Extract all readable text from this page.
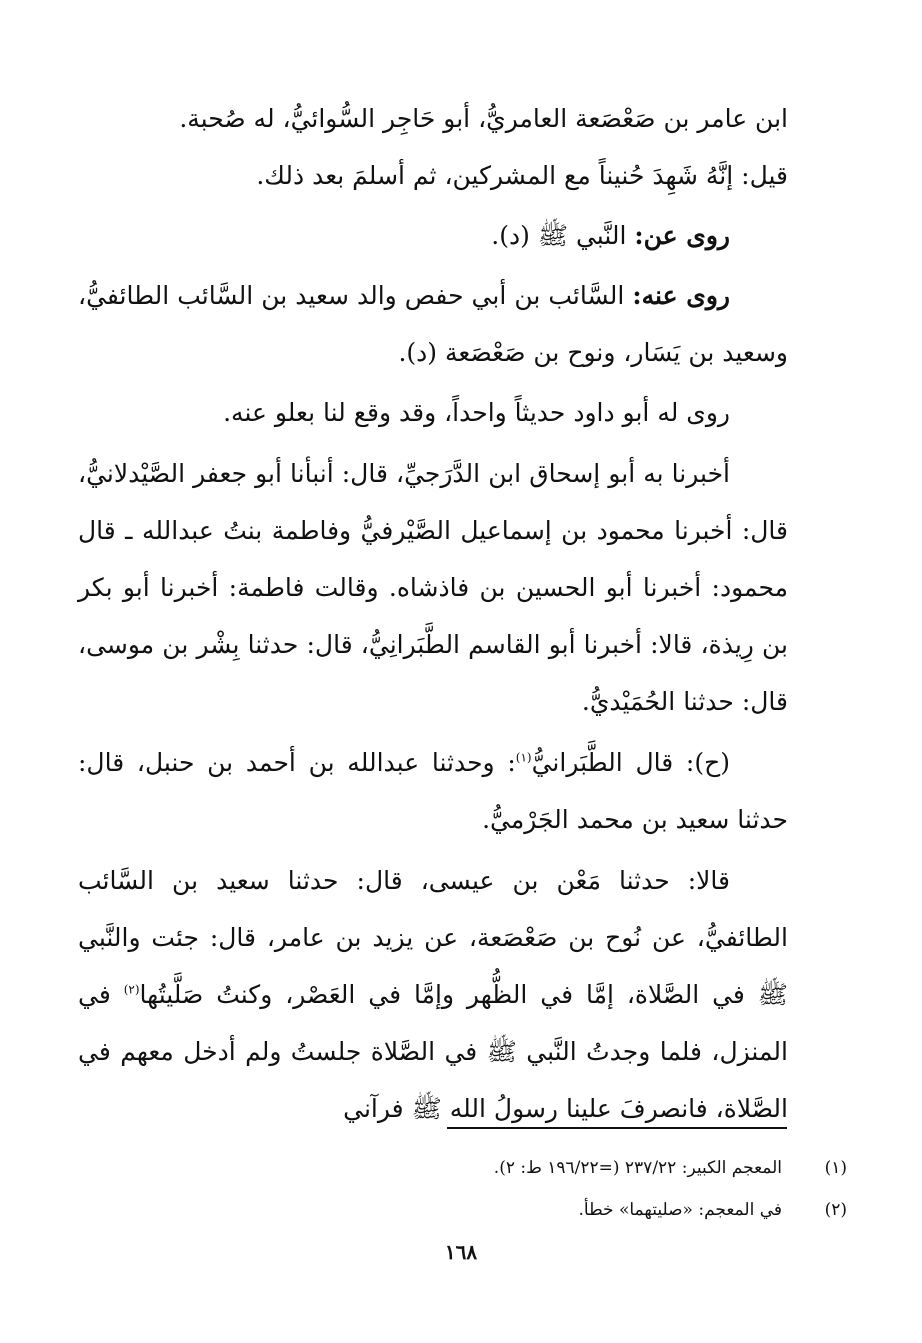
ابن عامر بن صَعْصَعة العامريُّ، أبو حَاجِر السُّوائيُّ، له صُحبة.
قيل: إنَّهُ شَهِدَ حُنيناً مع المشركين، ثم أسلمَ بعد ذلك.

روى عن: النَّبي ﷺ (د).

روى عنه: السَّائب بن أبي حفص والد سعيد بن السَّائب الطائفيُّ، وسعيد بن يَسَار، ونوح بن صَعْصَعة (د).

روى له أبو داود حديثاً واحداً، وقد وقع لنا بعلو عنه.

أخبرنا به أبو إسحاق ابن الدَّرَجيِّ، قال: أنبأنا أبو جعفر الصَّيْدلانيُّ، قال: أخبرنا محمود بن إسماعيل الصَّيْرفيُّ وفاطمة بنتُ عبدالله ـ قال محمود: أخبرنا أبو الحسين بن فاذشاه. وقالت فاطمة: أخبرنا أبو بكر بن رِيذة، قالا: أخبرنا أبو القاسم الطَّبَرانِيُّ، قال: حدثنا بِشْر بن موسى، قال: حدثنا الحُمَيْديُّ.

(ح): قال الطَّبَرانيُّ$^{(١)}$: وحدثنا عبدالله بن أحمد بن حنبل، قال: حدثنا سعيد بن محمد الجَرْميُّ.

قالا: حدثنا مَعْن بن عيسى، قال: حدثنا سعيد بن السَّائب الطائفيُّ، عن نُوح بن صَعْصَعة، عن يزيد بن عامر، قال: جئت والنَّبي ﷺ في الصَّلاة، إمَّا في الظُّهر وإمَّا في العَصْر، وكنتُ صَلَّيتُها$^{(٢)}$ في المنزل، فلما وجدتُ النَّبي ﷺ في الصَّلاة جلستُ ولم أدخل معهم في الصَّلاة، فانصرفَ علينا رسولُ الله ﷺ فرآني

(١)
المعجم الكبير: ٢٣٧/٢٢ (=١٩٦/٢٢ ط: ٢).
(٢)
في المعجم: «صليتهما» خطأ.
١٦٨
